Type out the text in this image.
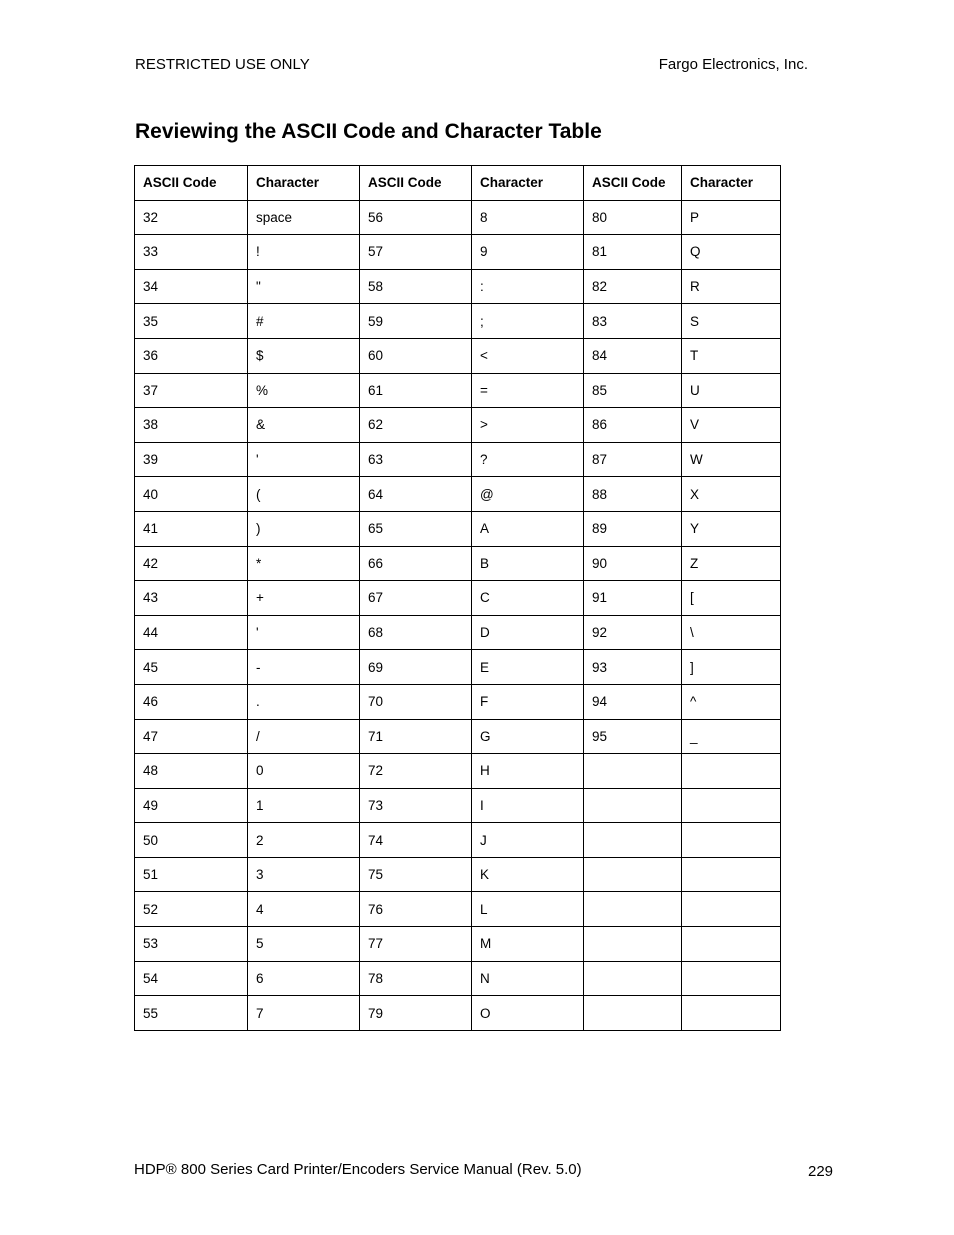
RESTRICTED USE ONLY	Fargo Electronics, Inc.
Reviewing the ASCII Code and Character Table
ASCII Code	Character	ASCII Code	Character	ASCII Code	Character
32	space	56	8	80	P
33	!	57	9	81	Q
34	"	58	:	82	R
35	#	59	;	83	S
36	$	60	<	84	T
37	%	61	=	85	U
38	&	62	>	86	V
39	'	63	?	87	W
40	(	64	@	88	X
41	)	65	A	89	Y
42	*	66	B	90	Z
43	+	67	C	91	[
44	'	68	D	92	\
45	-	69	E	93	]
46	.	70	F	94	^
47	/	71	G	95	_
48	0	72	H		
49	1	73	I		
50	2	74	J		
51	3	75	K		
52	4	76	L		
53	5	77	M		
54	6	78	N		
55	7	79	O		
HDP® 800 Series Card Printer/Encoders Service Manual (Rev. 5.0)	229
